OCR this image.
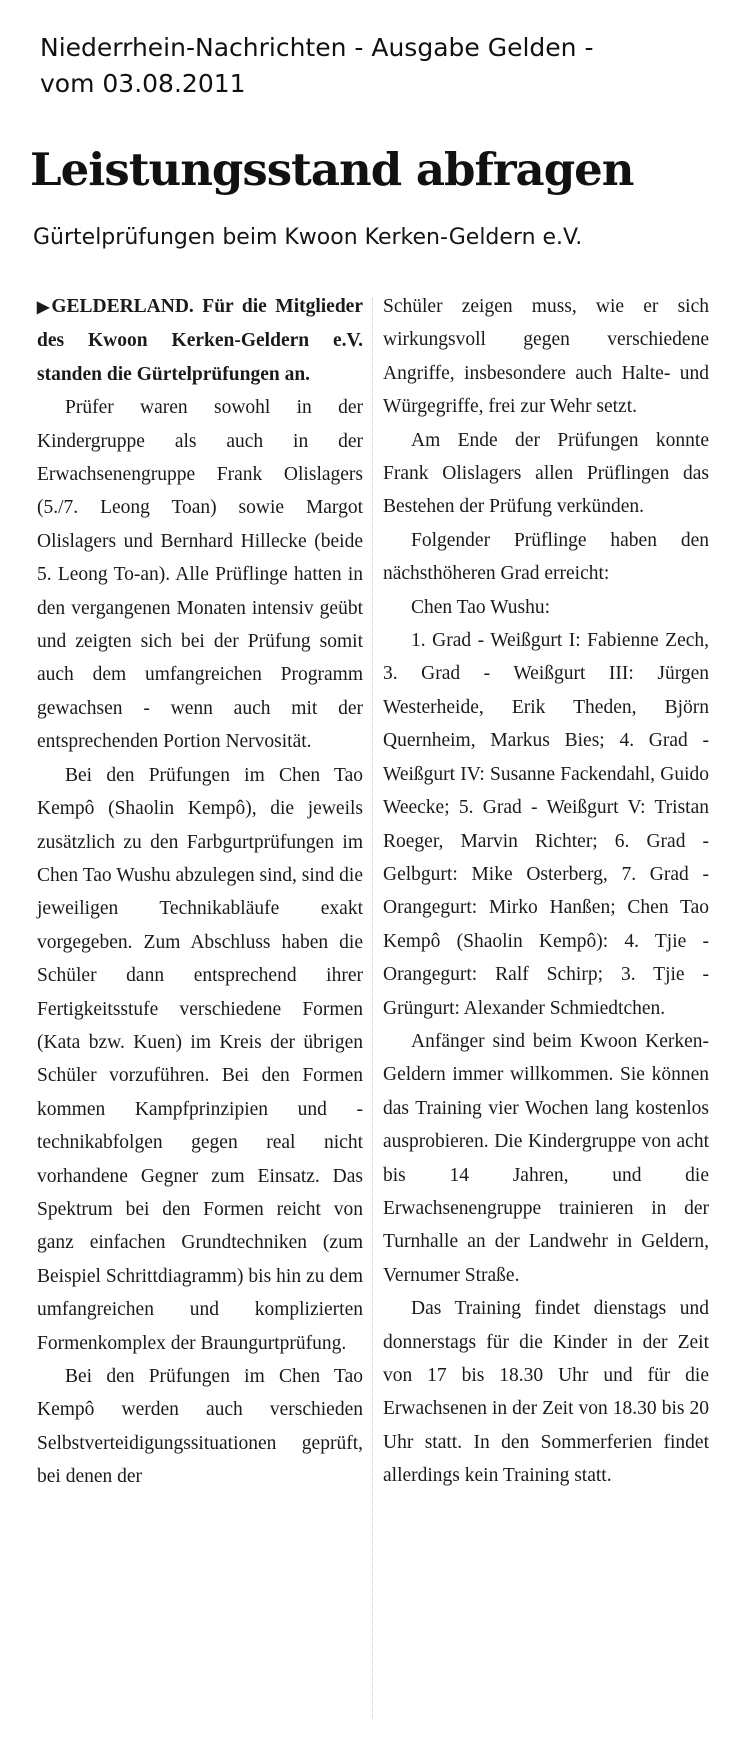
Niederrhein-Nachrichten - Ausgabe Gelden -
vom 03.08.2011
Leistungsstand abfragen
Gürtelprüfungen beim Kwoon Kerken-Geldern e.V.

▶ GELDERLAND. Für die Mitglieder des Kwoon Kerken-Geldern e.V. standen die Gürtelprüfungen an.

Prüfer waren sowohl in der Kindergruppe als auch in der Erwachsenengruppe Frank Olislagers (5./7. Leong Toan) sowie Margot Olislagers und Bernhard Hillecke (beide 5. Leong To-an). Alle Prüflinge hatten in den vergangenen Monaten intensiv geübt und zeigten sich bei der Prüfung somit auch dem umfangreichen Programm gewachsen - wenn auch mit der entsprechenden Portion Nervosität.

Bei den Prüfungen im Chen Tao Kempô (Shaolin Kempô), die jeweils zusätzlich zu den Farbgurtprüfungen im Chen Tao Wushu abzulegen sind, sind die jeweiligen Technikabläufe exakt vorgegeben. Zum Abschluss haben die Schüler dann entsprechend ihrer Fertigkeitsstufe verschiedene Formen (Kata bzw. Kuen) im Kreis der übrigen Schüler vorzuführen. Bei den Formen kommen Kampfprinzipien und -technikabfolgen gegen real nicht vorhandene Gegner zum Einsatz. Das Spektrum bei den Formen reicht von ganz einfachen Grundtechniken (zum Beispiel Schrittdiagramm) bis hin zu dem umfangreichen und komplizierten Formenkomplex der Braungurtprüfung.

Bei den Prüfungen im Chen Tao Kempô werden auch verschieden Selbstverteidigungssituationen geprüft, bei denen der

Schüler zeigen muss, wie er sich wirkungsvoll gegen verschiedene Angriffe, insbesondere auch Halte- und Würgegriffe, frei zur Wehr setzt.

Am Ende der Prüfungen konnte Frank Olislagers allen Prüflingen das Bestehen der Prüfung verkünden.

Folgender Prüflinge haben den nächsthöheren Grad erreicht:

Chen Tao Wushu:

1. Grad - Weißgurt I: Fabienne Zech, 3. Grad - Weißgurt III: Jürgen Westerheide, Erik Theden, Björn Quernheim, Markus Bies; 4. Grad - Weißgurt IV: Susanne Fackendahl, Guido Weecke; 5. Grad - Weißgurt V: Tristan Roeger, Marvin Richter; 6. Grad - Gelbgurt: Mike Osterberg, 7. Grad - Orangegurt: Mirko Hanßen; Chen Tao Kempô (Shaolin Kempô): 4. Tjie - Orangegurt: Ralf Schirp; 3. Tjie - Grüngurt: Alexander Schmiedtchen.

Anfänger sind beim Kwoon Kerken-Geldern immer willkommen. Sie können das Training vier Wochen lang kostenlos ausprobieren. Die Kindergruppe von acht bis 14 Jahren, und die Erwachsenengruppe trainieren in der Turnhalle an der Landwehr in Geldern, Vernumer Straße.

Das Training findet dienstags und donnerstags für die Kinder in der Zeit von 17 bis 18.30 Uhr und für die Erwachsenen in der Zeit von 18.30 bis 20 Uhr statt. In den Sommerferien findet allerdings kein Training statt.
